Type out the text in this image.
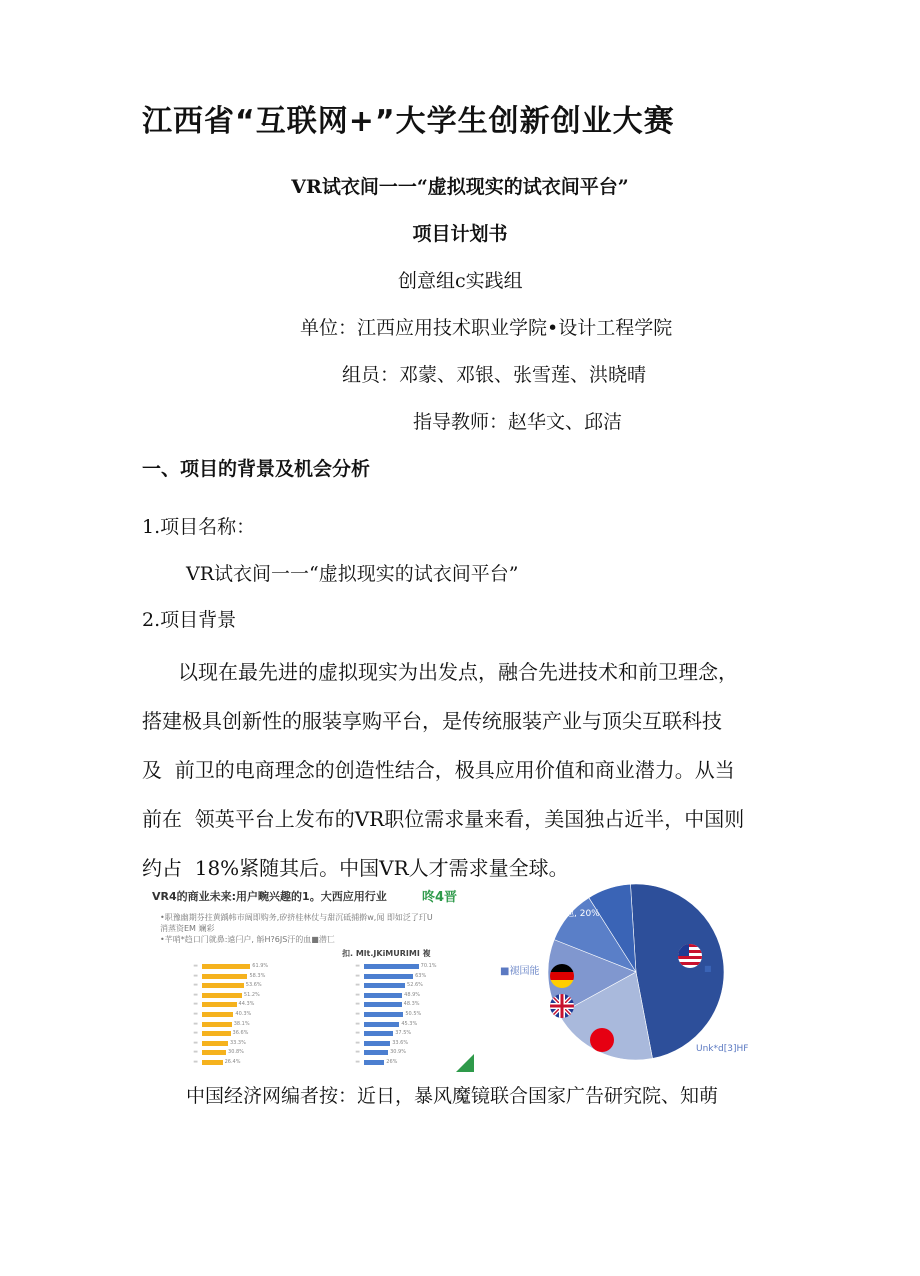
江西省“互联网+”大学生创新创业大赛
VR试衣间一一“虚拟现实的试衣间平台”
项目计划书
创意组c实践组
单位：江西应用技术职业学院•设计工程学院
组员：邓蒙、邓银、张雪莲、洪晓晴
指导教师：赵华文、邱洁
一、项目的背景及机会分析
1.项目名称：
VR试衣间一一“虚拟现实的试衣间平台”
2.项目背景

以现在最先进的虚拟现实为出发点，融合先进技术和前卫理念，

搭建极具创新性的服装享购平台，是传统服装产业与顶尖互联科技

及  前卫的电商理念的创造性结合，极具应用价值和商业潜力。从当

前在  领英平台上发布的VR职位需求量来看，美国独占近半，中国则

约占  18%紧随其后。中国VR人才需求量全球。

VR4的商业未来:用户畹兴趣的1。大西应用行业	咚4晋
•职豫幽期芬拄黄踽帏市阔即购务,矽挤桂林仗与甜沉砥捕擀w,闻 即如泛了玎U
消蒸资EM 斓彩
•芊哨*趋口门就鼻:遠闩户, 斛H?6JS汙的血■潜匸
扣. Mlt.JKiMURIMI 複
▬	61.9%
▬	58.3%
▬	53.6%
▬	51.2%
▬	44.3%
▬	40.3%
▬	38.1%
▬	36.6%
▬	33.3%
▬	30.8%
▬	26.4%
▬	70.1%
▬	63%
▬	52.6%
▬	48.9%
▬	48.3%
▬	50.5%
▬	45.3%
▬	37.5%
▬	33.6%
▬	30.9%
▬	26%
其他, 20%
■褪国能
Unk*d[3]HF
■
中国经济网编者按：近日，暴风魔镜联合国家广告研究院、知萌
